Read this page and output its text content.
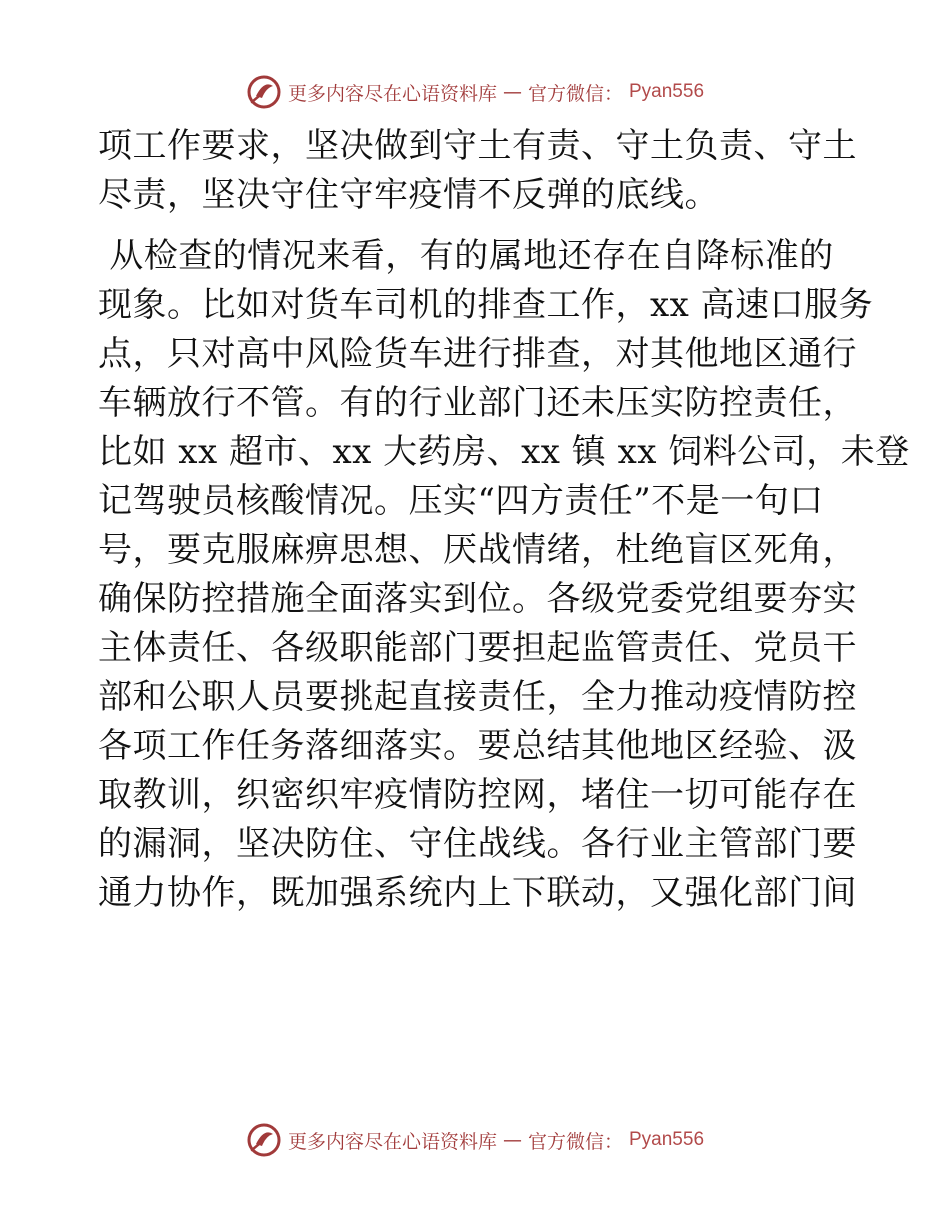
更多内容尽在心语资料库 — 官方微信： Pyan556

项工作要求，坚决做到守土有责、守土负责、守土
尽责，坚决守住守牢疫情不反弹的底线。

从检查的情况来看，有的属地还存在自降标准的
现象。比如对货车司机的排查工作，xx 高速口服务
点，只对高中风险货车进行排查，对其他地区通行
车辆放行不管。有的行业部门还未压实防控责任，
比如 xx 超市、xx 大药房、xx 镇 xx 饲料公司，未登
记驾驶员核酸情况。压实“四方责任”不是一句口
号，要克服麻痹思想、厌战情绪，杜绝盲区死角，
确保防控措施全面落实到位。各级党委党组要夯实
主体责任、各级职能部门要担起监管责任、党员干
部和公职人员要挑起直接责任，全力推动疫情防控
各项工作任务落细落实。要总结其他地区经验、汲
取教训，织密织牢疫情防控网，堵住一切可能存在
的漏洞，坚决防住、守住战线。各行业主管部门要
通力协作，既加强系统内上下联动，又强化部门间

更多内容尽在心语资料库 — 官方微信： Pyan556
